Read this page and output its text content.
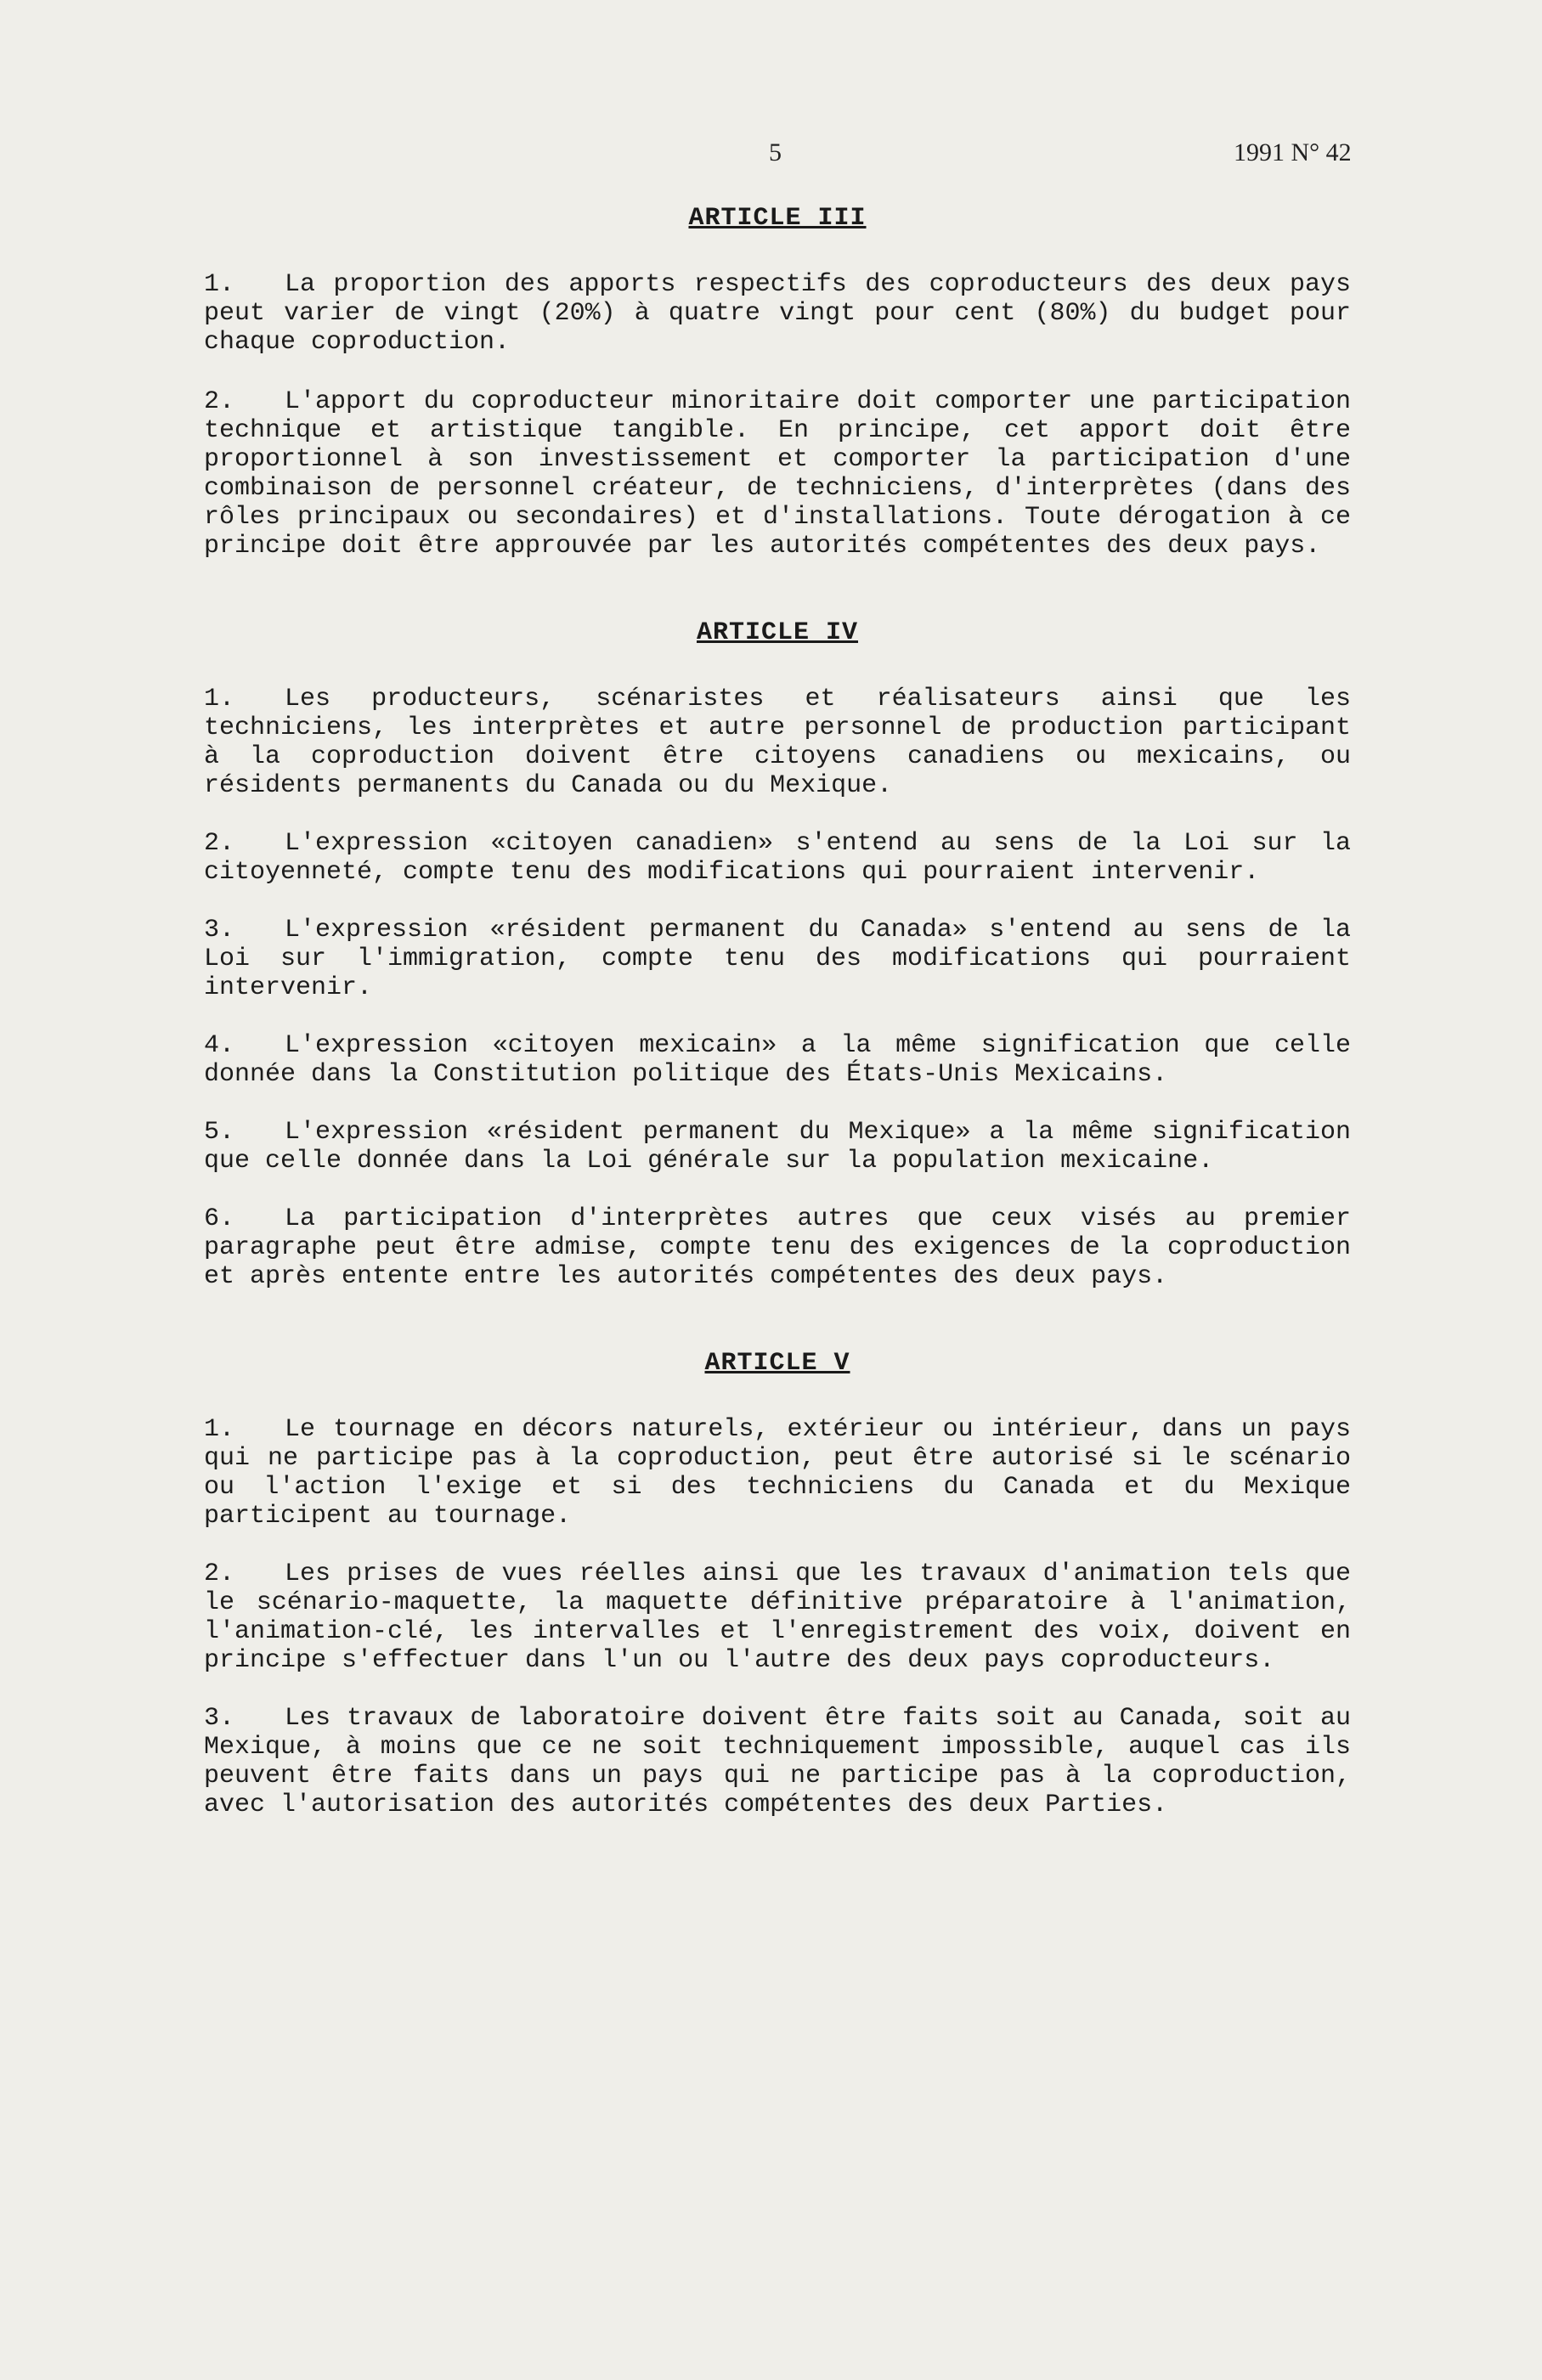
5	1991 N° 42

ARTICLE III

1. La proportion des apports respectifs des coproducteurs des deux pays peut varier de vingt (20%) à quatre vingt pour cent (80%) du budget pour chaque coproduction.

2. L'apport du coproducteur minoritaire doit comporter une participation technique et artistique tangible. En principe, cet apport doit être proportionnel à son investissement et comporter la participation d'une combinaison de personnel créateur, de techniciens, d'interprètes (dans des rôles principaux ou secondaires) et d'installations. Toute dérogation à ce principe doit être approuvée par les autorités compétentes des deux pays.

ARTICLE IV

1. Les producteurs, scénaristes et réalisateurs ainsi que les techniciens, les interprètes et autre personnel de production participant à la coproduction doivent être citoyens canadiens ou mexicains, ou résidents permanents du Canada ou du Mexique.

2. L'expression «citoyen canadien» s'entend au sens de la Loi sur la citoyenneté, compte tenu des modifications qui pourraient intervenir.

3. L'expression «résident permanent du Canada» s'entend au sens de la Loi sur l'immigration, compte tenu des modifications qui pourraient intervenir.

4. L'expression «citoyen mexicain» a la même signification que celle donnée dans la Constitution politique des États-Unis Mexicains.

5. L'expression «résident permanent du Mexique» a la même signification que celle donnée dans la Loi générale sur la population mexicaine.

6. La participation d'interprètes autres que ceux visés au premier paragraphe peut être admise, compte tenu des exigences de la coproduction et après entente entre les autorités compétentes des deux pays.

ARTICLE V

1. Le tournage en décors naturels, extérieur ou intérieur, dans un pays qui ne participe pas à la coproduction, peut être autorisé si le scénario ou l'action l'exige et si des techniciens du Canada et du Mexique participent au tournage.

2. Les prises de vues réelles ainsi que les travaux d'animation tels que le scénario-maquette, la maquette définitive préparatoire à l'animation, l'animation-clé, les intervalles et l'enregistrement des voix, doivent en principe s'effectuer dans l'un ou l'autre des deux pays coproducteurs.

3. Les travaux de laboratoire doivent être faits soit au Canada, soit au Mexique, à moins que ce ne soit techniquement impossible, auquel cas ils peuvent être faits dans un pays qui ne participe pas à la coproduction, avec l'autorisation des autorités compétentes des deux Parties.
